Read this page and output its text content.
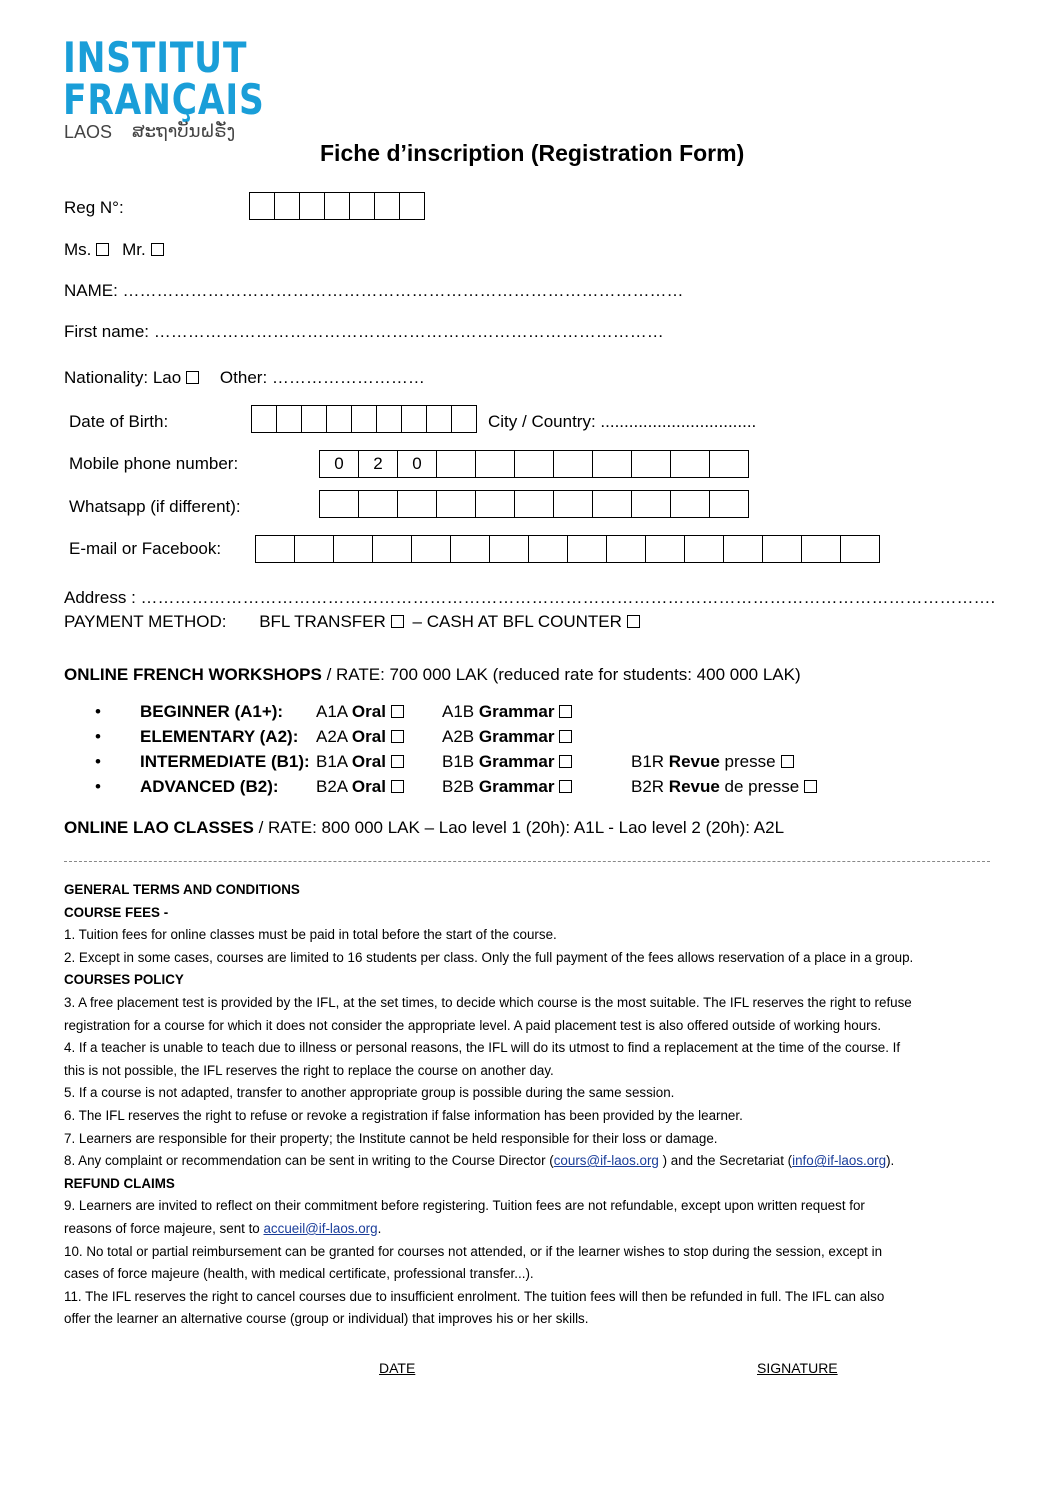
INSTITUT
FRANÇAIS
LAOS ສະຖາບັນຝຣັ່ງ
Fiche d’inscription (Registration Form)
Reg N°:
Ms. Mr.
NAME: ………………………………………………………………………………………
First name: ………………………………………………………………………………
Nationality: Lao Other: ………………………
Date of Birth:	City / Country: .................................
Mobile phone number:	0	2	0
Whatsapp (if different):
E-mail or Facebook:
Address : …………………………………………………………………………………………………………………………………….
PAYMENT METHOD: BFL TRANSFER – CASH AT BFL COUNTER
ONLINE FRENCH WORKSHOPS / RATE: 700 000 LAK (reduced rate for students: 400 000 LAK)
• BEGINNER (A1+): A1A Oral	A1B Grammar
• ELEMENTARY (A2): A2A Oral	A2B Grammar
• INTERMEDIATE (B1): B1A Oral	B1B Grammar	B1R Revue presse
• ADVANCED (B2): B2A Oral	B2B Grammar	B2R Revue de presse
ONLINE LAO CLASSES / RATE: 800 000 LAK – Lao level 1 (20h): A1L - Lao level 2 (20h): A2L
GENERAL TERMS AND CONDITIONS
COURSE FEES -
1. Tuition fees for online classes must be paid in total before the start of the course.
2. Except in some cases, courses are limited to 16 students per class. Only the full payment of the fees allows reservation of a place in a group.
COURSES POLICY
3. A free placement test is provided by the IFL, at the set times, to decide which course is the most suitable. The IFL reserves the right to refuse
registration for a course for which it does not consider the appropriate level. A paid placement test is also offered outside of working hours.
4. If a teacher is unable to teach due to illness or personal reasons, the IFL will do its utmost to find a replacement at the time of the course. If
this is not possible, the IFL reserves the right to replace the course on another day.
5. If a course is not adapted, transfer to another appropriate group is possible during the same session.
6. The IFL reserves the right to refuse or revoke a registration if false information has been provided by the learner.
7. Learners are responsible for their property; the Institute cannot be held responsible for their loss or damage.
8. Any complaint or recommendation can be sent in writing to the Course Director (cours@if-laos.org ) and the Secretariat (info@if-laos.org).
REFUND CLAIMS
9. Learners are invited to reflect on their commitment before registering. Tuition fees are not refundable, except upon written request for
reasons of force majeure, sent to accueil@if-laos.org.
10. No total or partial reimbursement can be granted for courses not attended, or if the learner wishes to stop during the session, except in
cases of force majeure (health, with medical certificate, professional transfer...).
11. The IFL reserves the right to cancel courses due to insufficient enrolment. The tuition fees will then be refunded in full. The IFL can also
offer the learner an alternative course (group or individual) that improves his or her skills.
DATE	SIGNATURE
